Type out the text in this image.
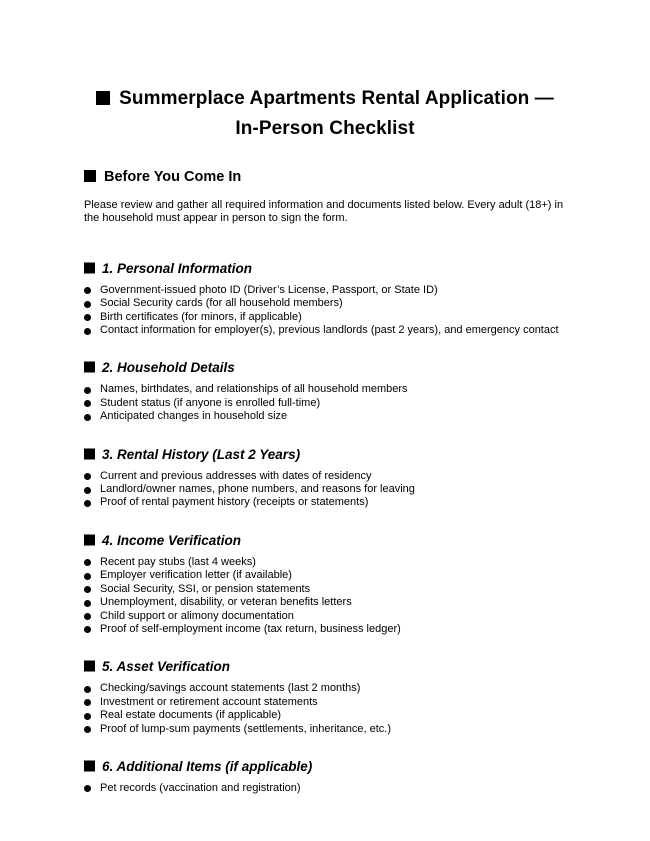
Summerplace Apartments Rental Application —
In-Person Checklist
Before You Come In

Please review and gather all required information and documents listed below. Every adult (18+) in the household must appear in person to sign the form.

1. Personal Information
Government-issued photo ID (Driver’s License, Passport, or State ID)
Social Security cards (for all household members)
Birth certificates (for minors, if applicable)
Contact information for employer(s), previous landlords (past 2 years), and emergency contact
2. Household Details
Names, birthdates, and relationships of all household members
Student status (if anyone is enrolled full-time)
Anticipated changes in household size
3. Rental History (Last 2 Years)
Current and previous addresses with dates of residency
Landlord/owner names, phone numbers, and reasons for leaving
Proof of rental payment history (receipts or statements)
4. Income Verification
Recent pay stubs (last 4 weeks)
Employer verification letter (if available)
Social Security, SSI, or pension statements
Unemployment, disability, or veteran benefits letters
Child support or alimony documentation
Proof of self-employment income (tax return, business ledger)
5. Asset Verification
Checking/savings account statements (last 2 months)
Investment or retirement account statements
Real estate documents (if applicable)
Proof of lump-sum payments (settlements, inheritance, etc.)
6. Additional Items (if applicable)
Pet records (vaccination and registration)
